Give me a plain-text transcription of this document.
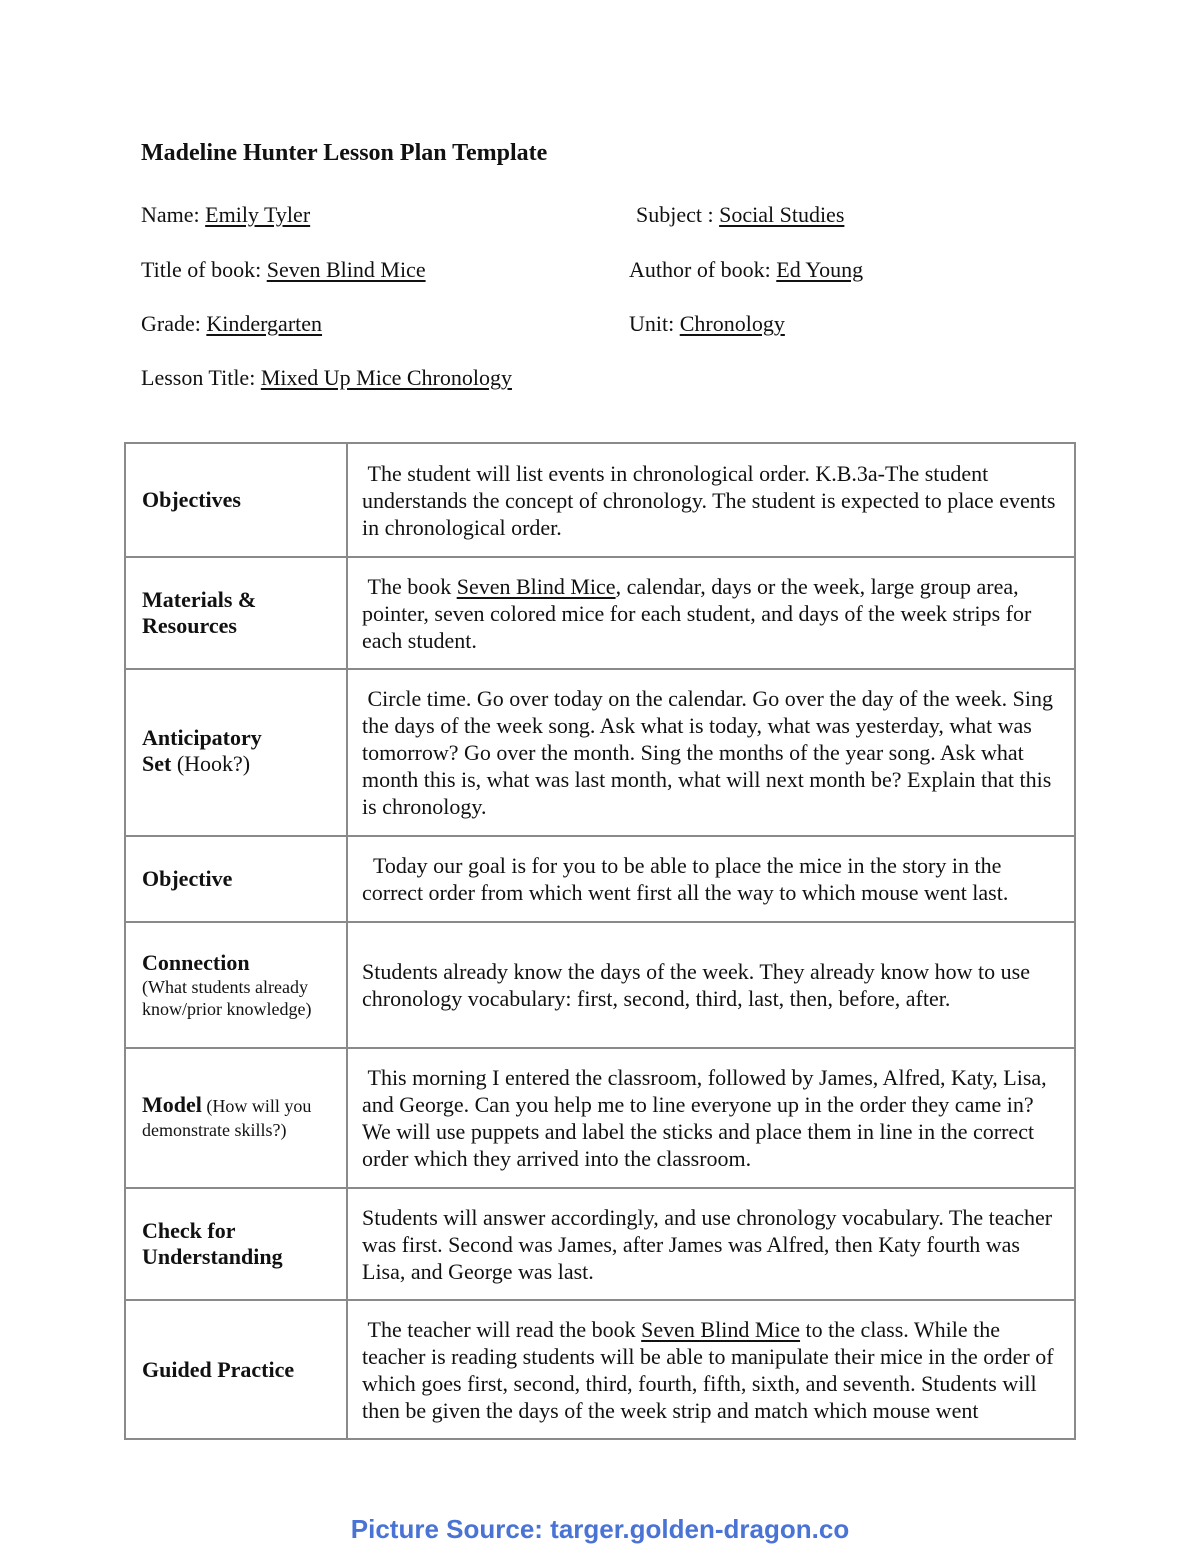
Madeline Hunter Lesson Plan Template
Name: Emily Tyler	Subject : Social Studies
Title of book: Seven Blind Mice	Author of book: Ed Young
Grade: Kindergarten	Unit: Chronology
Lesson Title: Mixed Up Mice Chronology
Objectives	The student will list events in chronological order. K.B.3a-The student understands the concept of chronology. The student is expected to place events in chronological order.

Materials &
Resources	The book Seven Blind Mice, calendar, days or the week, large group area, pointer, seven colored mice for each student, and days of the week strips for each student.

Anticipatory
Set (Hook?)	Circle time. Go over today on the calendar. Go over the day of the week. Sing the days of the week song. Ask what is today, what was yesterday, what was tomorrow? Go over the month. Sing the months of the year song. Ask what month this is, what was last month, what will next month be? Explain that this is chronology.

Objective	Today our goal is for you to be able to place the mice in the story in the correct order from which went first all the way to which mouse went last.

Connection
(What students already know/prior knowledge)	Students already know the days of the week. They already know how to use chronology vocabulary: first, second, third, last, then, before, after.

Model (How will you demonstrate skills?)	This morning I entered the classroom, followed by James, Alfred, Katy, Lisa, and George. Can you help me to line everyone up in the order they came in? We will use puppets and label the sticks and place them in line in the correct order which they arrived into the classroom.

Check for
Understanding	Students will answer accordingly, and use chronology vocabulary. The teacher was first. Second was James, after James was Alfred, then Katy fourth was Lisa, and George was last.

Guided Practice	The teacher will read the book Seven Blind Mice to the class. While the teacher is reading students will be able to manipulate their mice in the order of which goes first, second, third, fourth, fifth, sixth, and seventh. Students will then be given the days of the week strip and match which mouse went
Picture Source: targer.golden-dragon.co
